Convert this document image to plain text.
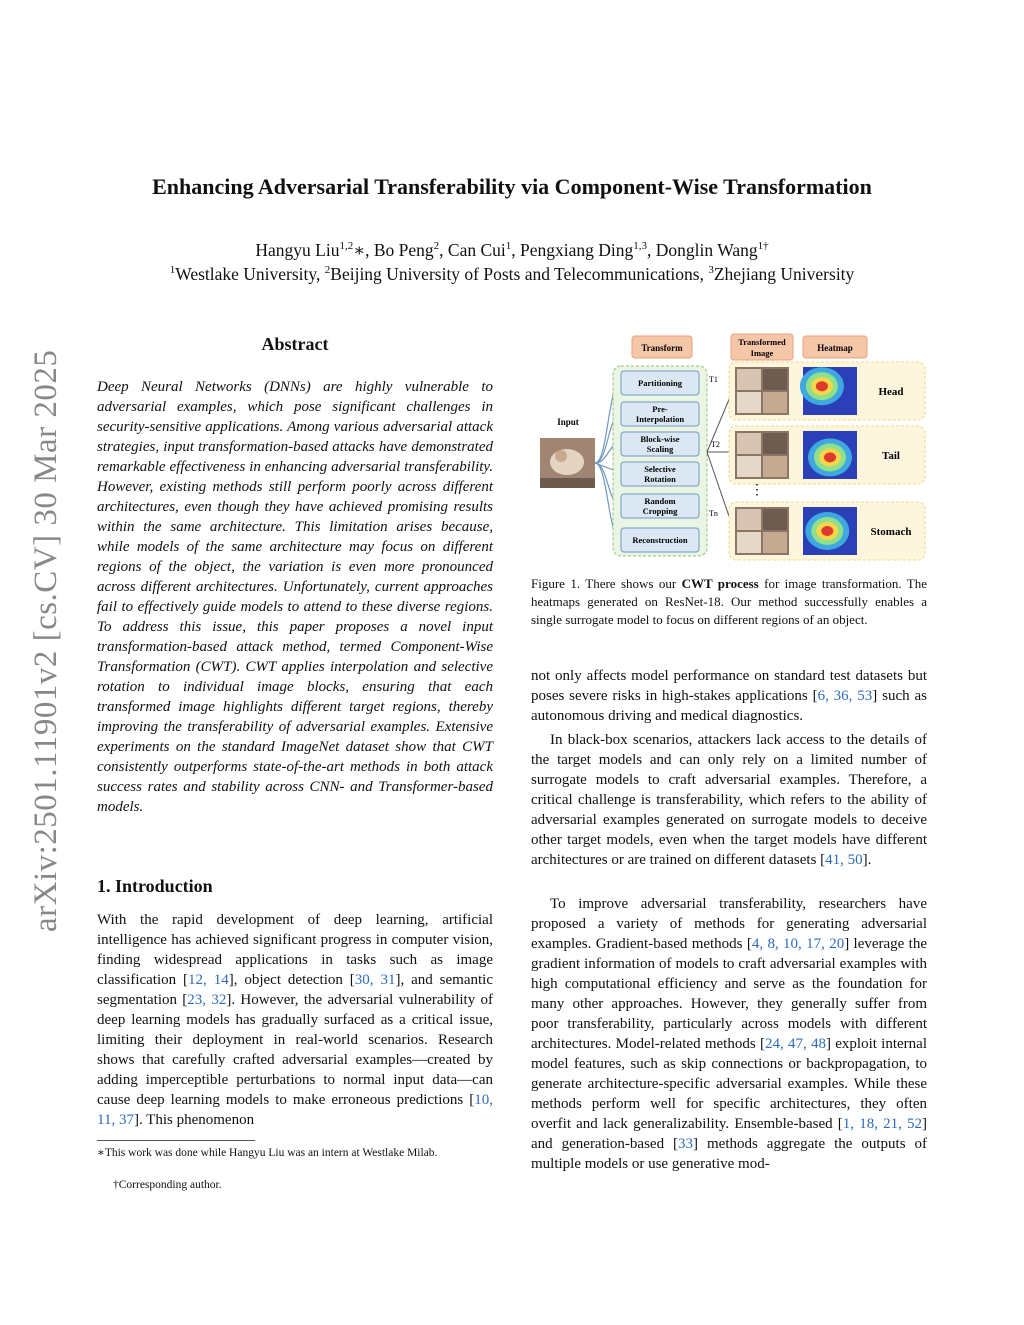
Enhancing Adversarial Transferability via Component-Wise Transformation
Hangyu Liu$^{1,2}$∗, Bo Peng$^2$, Can Cui$^1$, Pengxiang Ding$^{1,3}$, Donglin Wang$^{1\dagger}$
$^1$Westlake University, $^2$Beijing University of Posts and Telecommunications, $^3$Zhejiang University
arXiv:2501.11901v2 [cs.CV] 30 Mar 2025
Abstract
Deep Neural Networks (DNNs) are highly vulnerable to adversarial examples, which pose significant challenges in security-sensitive applications. Among various adversarial attack strategies, input transformation-based attacks have demonstrated remarkable effectiveness in enhancing adversarial transferability. However, existing methods still perform poorly across different architectures, even though they have achieved promising results within the same architecture. This limitation arises because, while models of the same architecture may focus on different regions of the object, the variation is even more pronounced across different architectures. Unfortunately, current approaches fail to effectively guide models to attend to these diverse regions. To address this issue, this paper proposes a novel input transformation-based attack method, termed Component-Wise Transformation (CWT). CWT applies interpolation and selective rotation to individual image blocks, ensuring that each transformed image highlights different target regions, thereby improving the transferability of adversarial examples. Extensive experiments on the standard ImageNet dataset show that CWT consistently outperforms state-of-the-art methods in both attack success rates and stability across CNN- and Transformer-based models.
1. Introduction
With the rapid development of deep learning, artificial intelligence has achieved significant progress in computer vision, finding widespread applications in tasks such as image classification [12, 14], object detection [30, 31], and semantic segmentation [23, 32]. However, the adversarial vulnerability of deep learning models has gradually surfaced as a critical issue, limiting their deployment in real-world scenarios. Research shows that carefully crafted adversarial examples—created by adding imperceptible perturbations to normal input data—can cause deep learning models to make erroneous predictions [10, 11, 37]. This phenomenon
∗This work was done while Hangyu Liu was an intern at Westlake Milab.
†Corresponding author.
Transform
Transformed
Image	Heatmap
Input
Partitioning
Pre-
Interpolation
Block-wise
Scaling
Selective
Rotation
Random
Cropping
Reconstruction
T1
T2
Tn
Head
Tail
Stomach
⋮
Figure 1. There shows our CWT process for image transformation. The heatmaps generated on ResNet-18. Our method successfully enables a single surrogate model to focus on different regions of an object.
not only affects model performance on standard test datasets but poses severe risks in high-stakes applications [6, 36, 53] such as autonomous driving and medical diagnostics.
In black-box scenarios, attackers lack access to the details of the target models and can only rely on a limited number of surrogate models to craft adversarial examples. Therefore, a critical challenge is transferability, which refers to the ability of adversarial examples generated on surrogate models to deceive other target models, even when the target models have different architectures or are trained on different datasets [41, 50].
To improve adversarial transferability, researchers have proposed a variety of methods for generating adversarial examples. Gradient-based methods [4, 8, 10, 17, 20] leverage the gradient information of models to craft adversarial examples with high computational efficiency and serve as the foundation for many other approaches. However, they generally suffer from poor transferability, particularly across models with different architectures. Model-related methods [24, 47, 48] exploit internal model features, such as skip connections or backpropagation, to generate architecture-specific adversarial examples. While these methods perform well for specific architectures, they often overfit and lack generalizability. Ensemble-based [1, 18, 21, 52] and generation-based [33] methods aggregate the outputs of multiple models or use generative mod-
